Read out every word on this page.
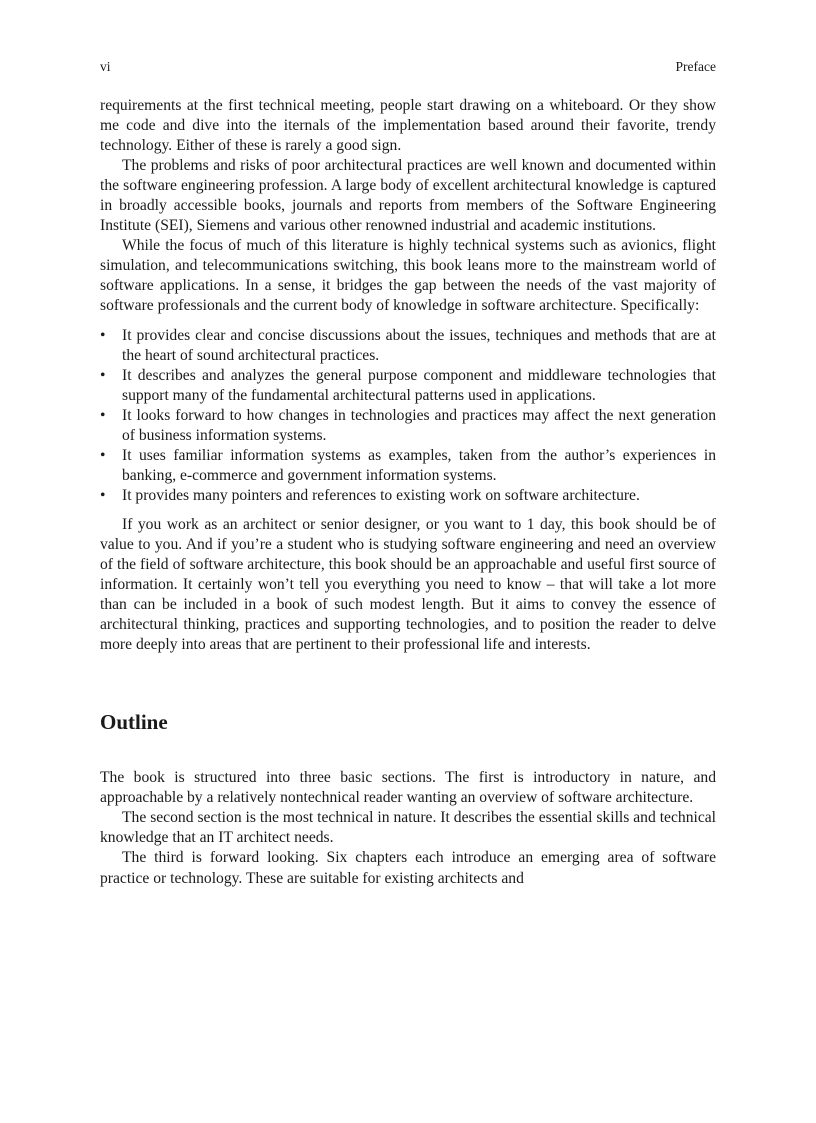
vi	Preface

requirements at the first technical meeting, people start drawing on a whiteboard. Or they show me code and dive into the iternals of the implementation based around their favorite, trendy technology. Either of these is rarely a good sign.

The problems and risks of poor architectural practices are well known and documented within the software engineering profession. A large body of excellent architectural knowledge is captured in broadly accessible books, journals and reports from members of the Software Engineering Institute (SEI), Siemens and various other renowned industrial and academic institutions.

While the focus of much of this literature is highly technical systems such as avionics, flight simulation, and telecommunications switching, this book leans more to the mainstream world of software applications. In a sense, it bridges the gap between the needs of the vast majority of software professionals and the current body of knowledge in software architecture. Specifically:

•	It provides clear and concise discussions about the issues, techniques and methods that are at the heart of sound architectural practices.
•	It describes and analyzes the general purpose component and middleware technologies that support many of the fundamental architectural patterns used in applications.
•	It looks forward to how changes in technologies and practices may affect the next generation of business information systems.
•	It uses familiar information systems as examples, taken from the author’s experiences in banking, e-commerce and government information systems.
•	It provides many pointers and references to existing work on software architecture.

If you work as an architect or senior designer, or you want to 1 day, this book should be of value to you. And if you’re a student who is studying software engineering and need an overview of the field of software architecture, this book should be an approachable and useful first source of information. It certainly won’t tell you everything you need to know – that will take a lot more than can be included in a book of such modest length. But it aims to convey the essence of architectural thinking, practices and supporting technologies, and to position the reader to delve more deeply into areas that are pertinent to their professional life and interests.

Outline

The book is structured into three basic sections. The first is introductory in nature, and approachable by a relatively nontechnical reader wanting an overview of software architecture.

The second section is the most technical in nature. It describes the essential skills and technical knowledge that an IT architect needs.

The third is forward looking. Six chapters each introduce an emerging area of software practice or technology. These are suitable for existing architects and
